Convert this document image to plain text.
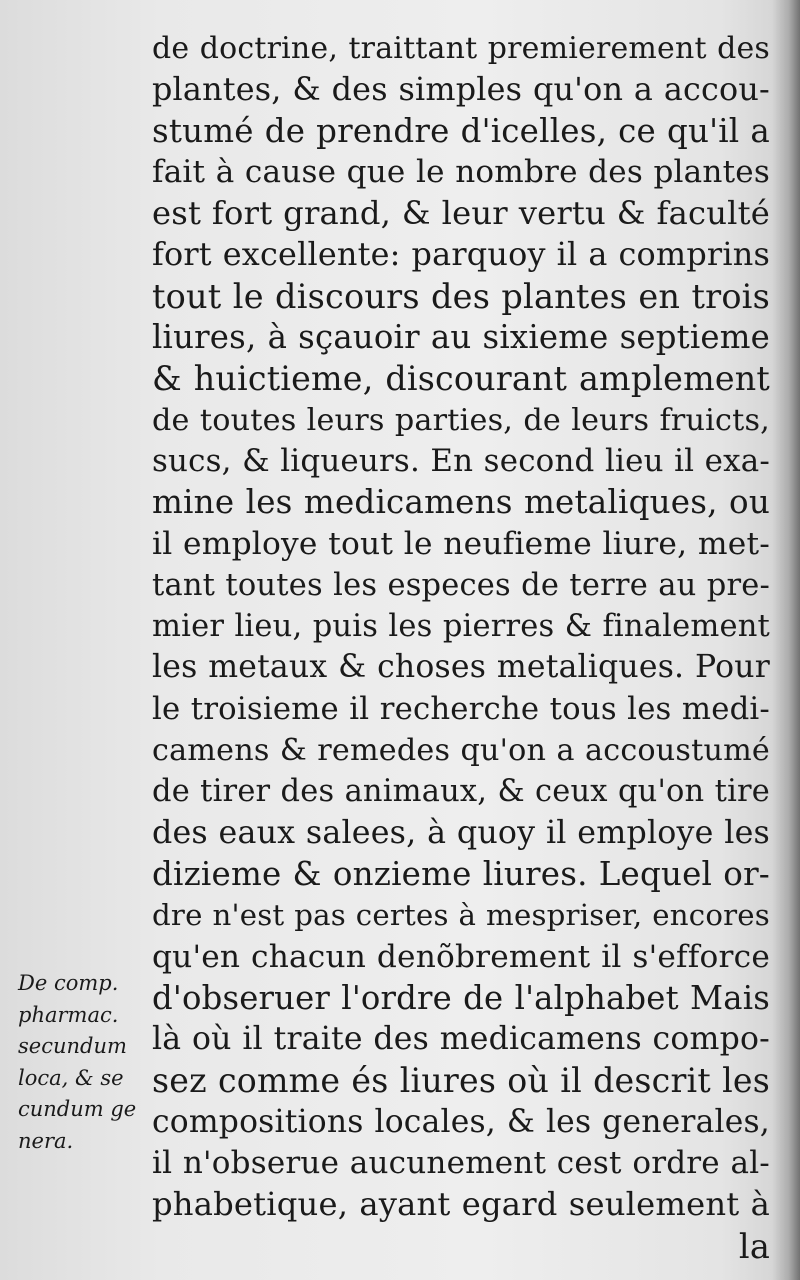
de doctrine, traittant premierement des
plantes, & des simples qu'on a accou-
stumé de prendre d'icelles, ce qu'il a
fait à cause que le nombre des plantes
est fort grand, & leur vertu & faculté
fort excellente: parquoy il a comprins
tout le discours des plantes en trois
liures, à sçauoir au sixieme septieme
& huictieme, discourant amplement
de toutes leurs parties, de leurs fruicts,
sucs, & liqueurs. En second lieu il exa-
mine les medicamens metaliques, ou
il employe tout le neufieme liure, met-
tant toutes les especes de terre au pre-
mier lieu, puis les pierres & finalement
les metaux & choses metaliques. Pour
le troisieme il recherche tous les medi-
camens & remedes qu'on a accoustumé
de tirer des animaux, & ceux qu'on tire
des eaux salees, à quoy il employe les
dizieme & onzieme liures. Lequel or-
dre n'est pas certes à mespriser, encores
qu'en chacun denõbrement il s'efforce
d'obseruer l'ordre de l'alphabet Mais
là où il traite des medicamens compo-
sez comme és liures où il descrit les
compositions locales, & les generales,
il n'obserue aucunement cest ordre al-
phabetique, ayant egard seulement à
la
De comp.
pharmac.
secundum
loca, & se
cundum ge
nera.
